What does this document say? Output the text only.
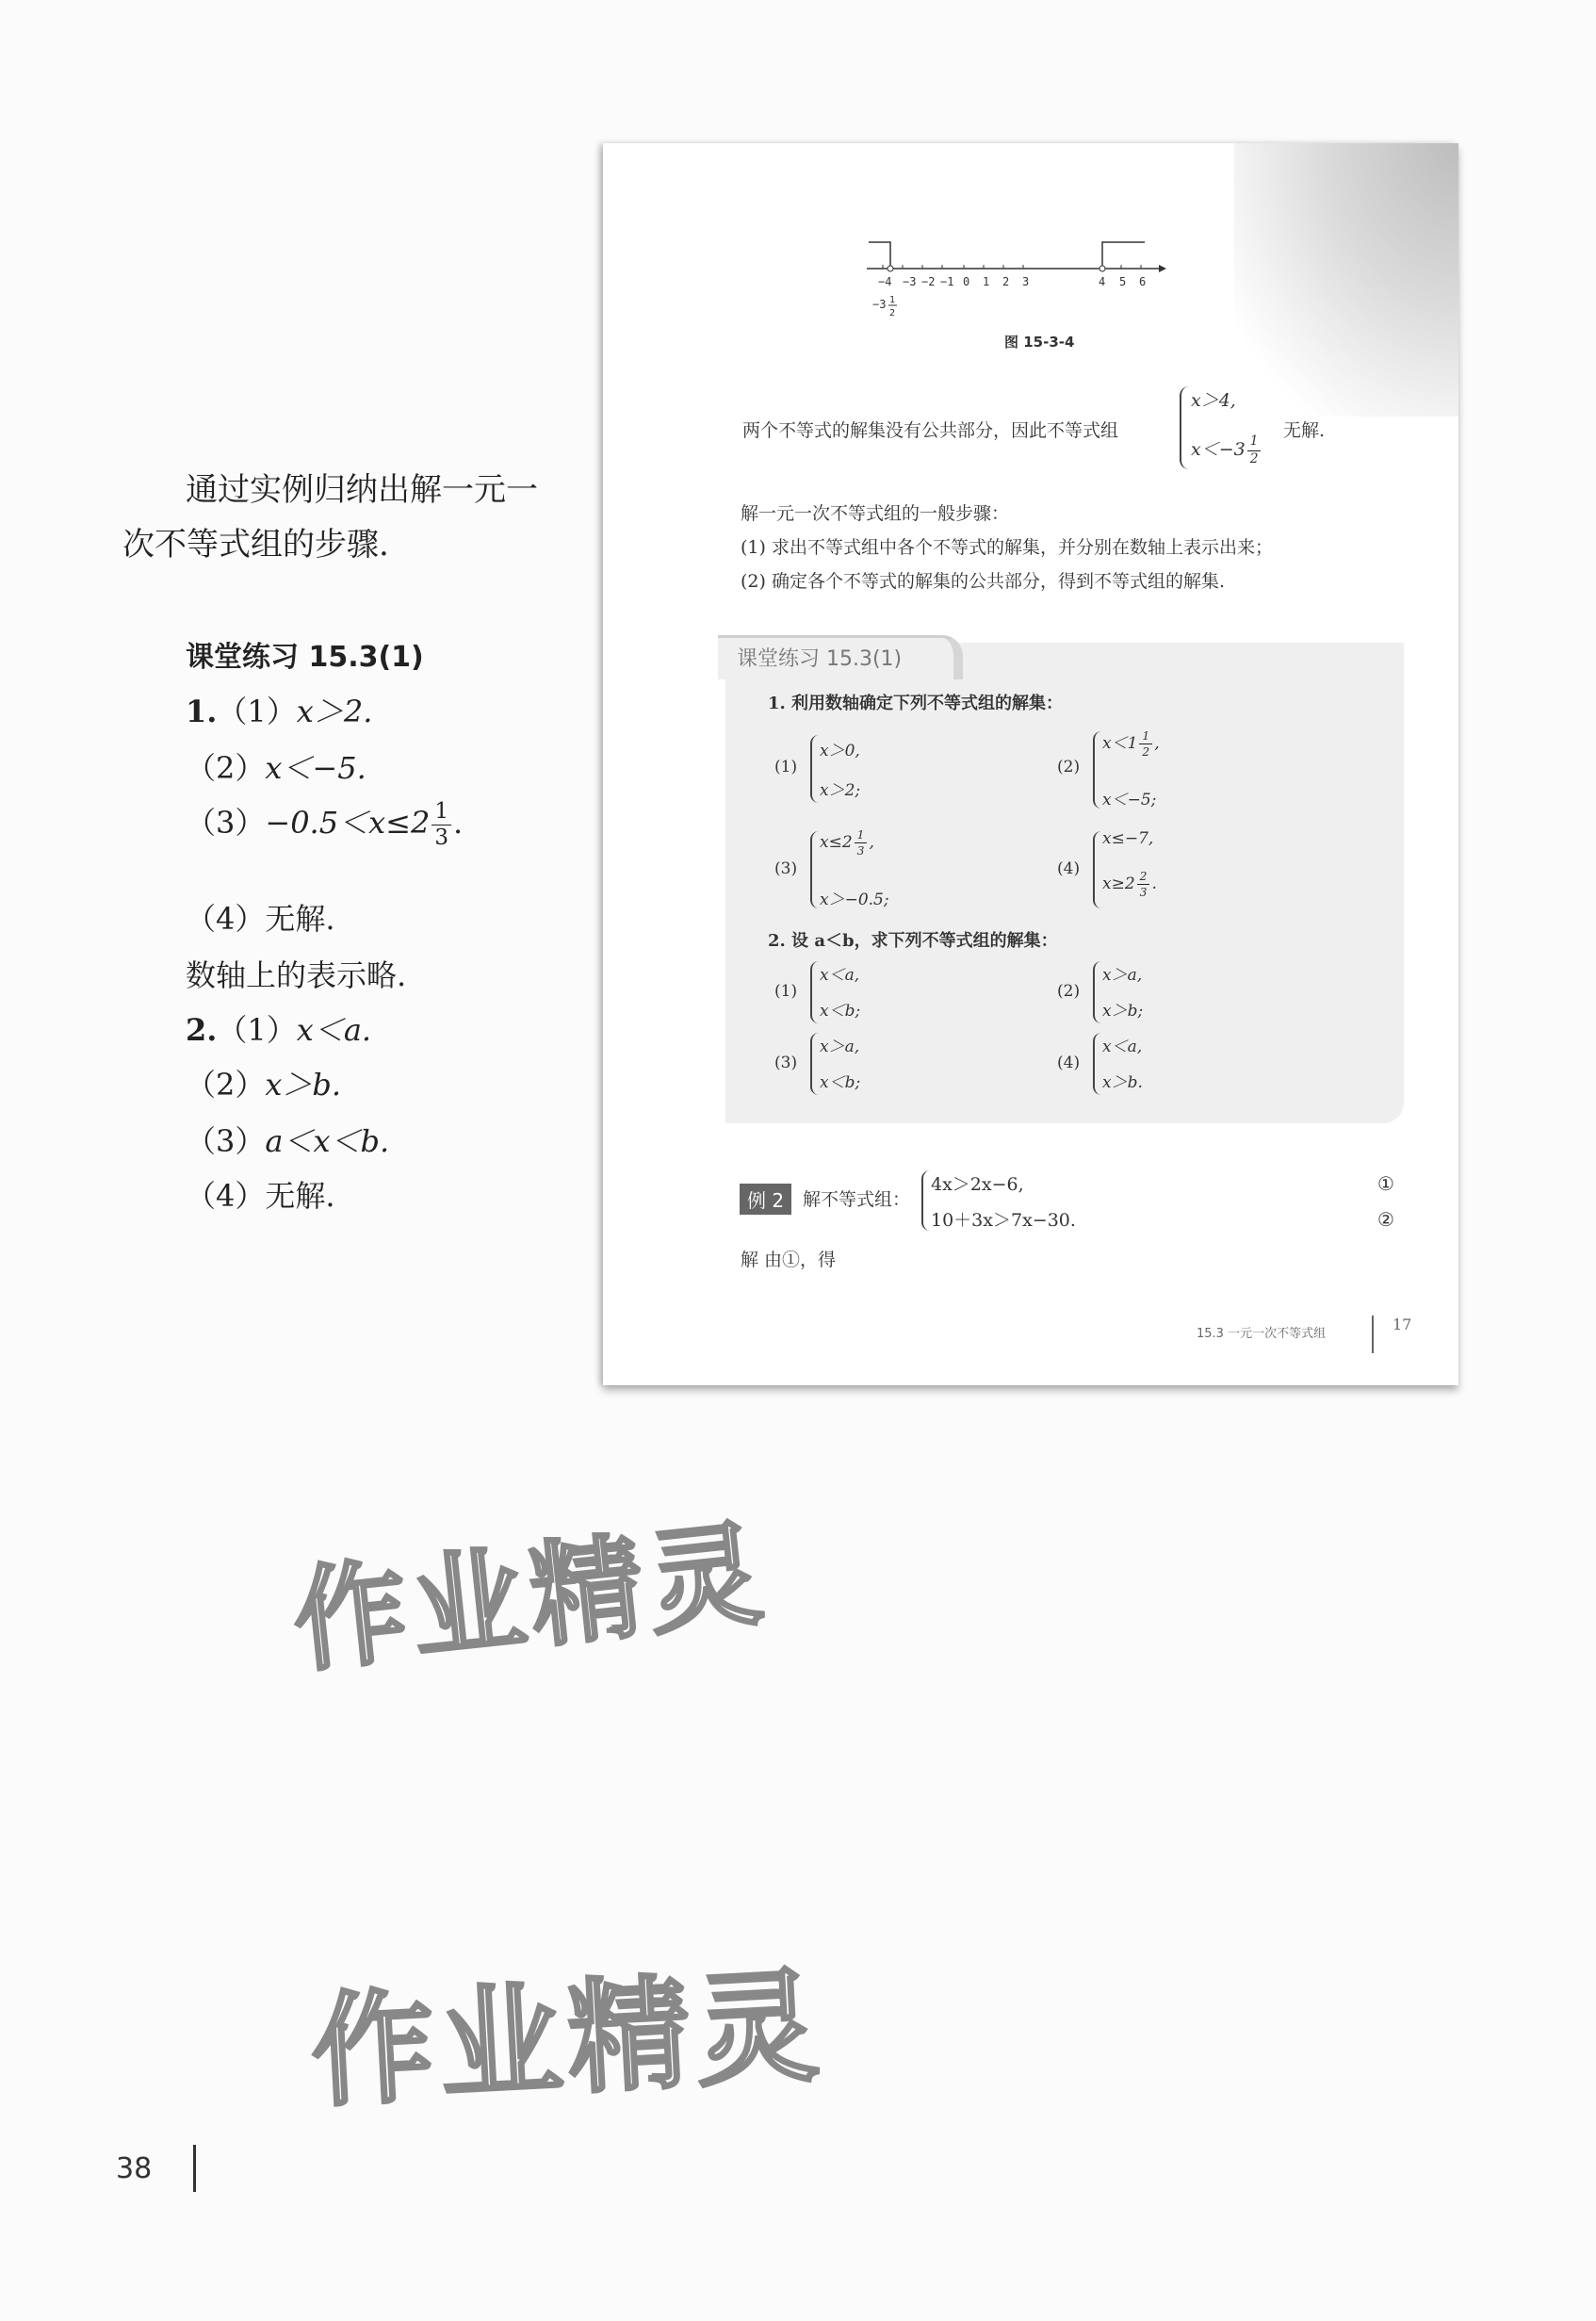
通过实例归纳出解一元一
次不等式组的步骤.
课堂练习 15.3(1)
1.（1）x＞2.
（2）x＜−5.
$(3)-0.5<x\le 2 \frac{1}{3}$ .
（4）无解.
数轴上的表示略.
2.（1）x＜a.
（2）x＞b.
（3）a＜x＜b.
（4）无解.
−4 −3 −2 −1 0 1 2 3	4 5 6
−3 1
2
图 15-3-4
两个不等式的解集没有公共部分，因此不等式组
x＞4,
$x<-3 \frac{1}{2}$
无解.
解一元一次不等式组的一般步骤：
(1) 求出不等式组中各个不等式的解集，并分别在数轴上表示出来；
(2) 确定各个不等式的解集的公共部分，得到不等式组的解集.
课堂练习 15.3(1)
1. 利用数轴确定下列不等式组的解集：
(1)
x＞0,
x＞2;
(2)
$x<1 \frac{1}{2}$ ,
x＜−5;
(3)
$x\le 2 \frac{1}{3}$ ,
x＞−0.5;
(4)
x≤−7,
$x\ge 2 \frac{2}{3}$ .
2. 设 a＜b，求下列不等式组的解集：
(1)
x＜a,
x＜b;
(2)
x＞a,
x＞b;
(3)
x＞a,
x＜b;
(4)
x＜a,
x＞b.
例 2	解不等式组：
4x＞2x−6,
10＋3x＞7x−30.
①
②
解 由①，得
15.3 一元一次不等式组
17
作业精灵
作业精灵
38
